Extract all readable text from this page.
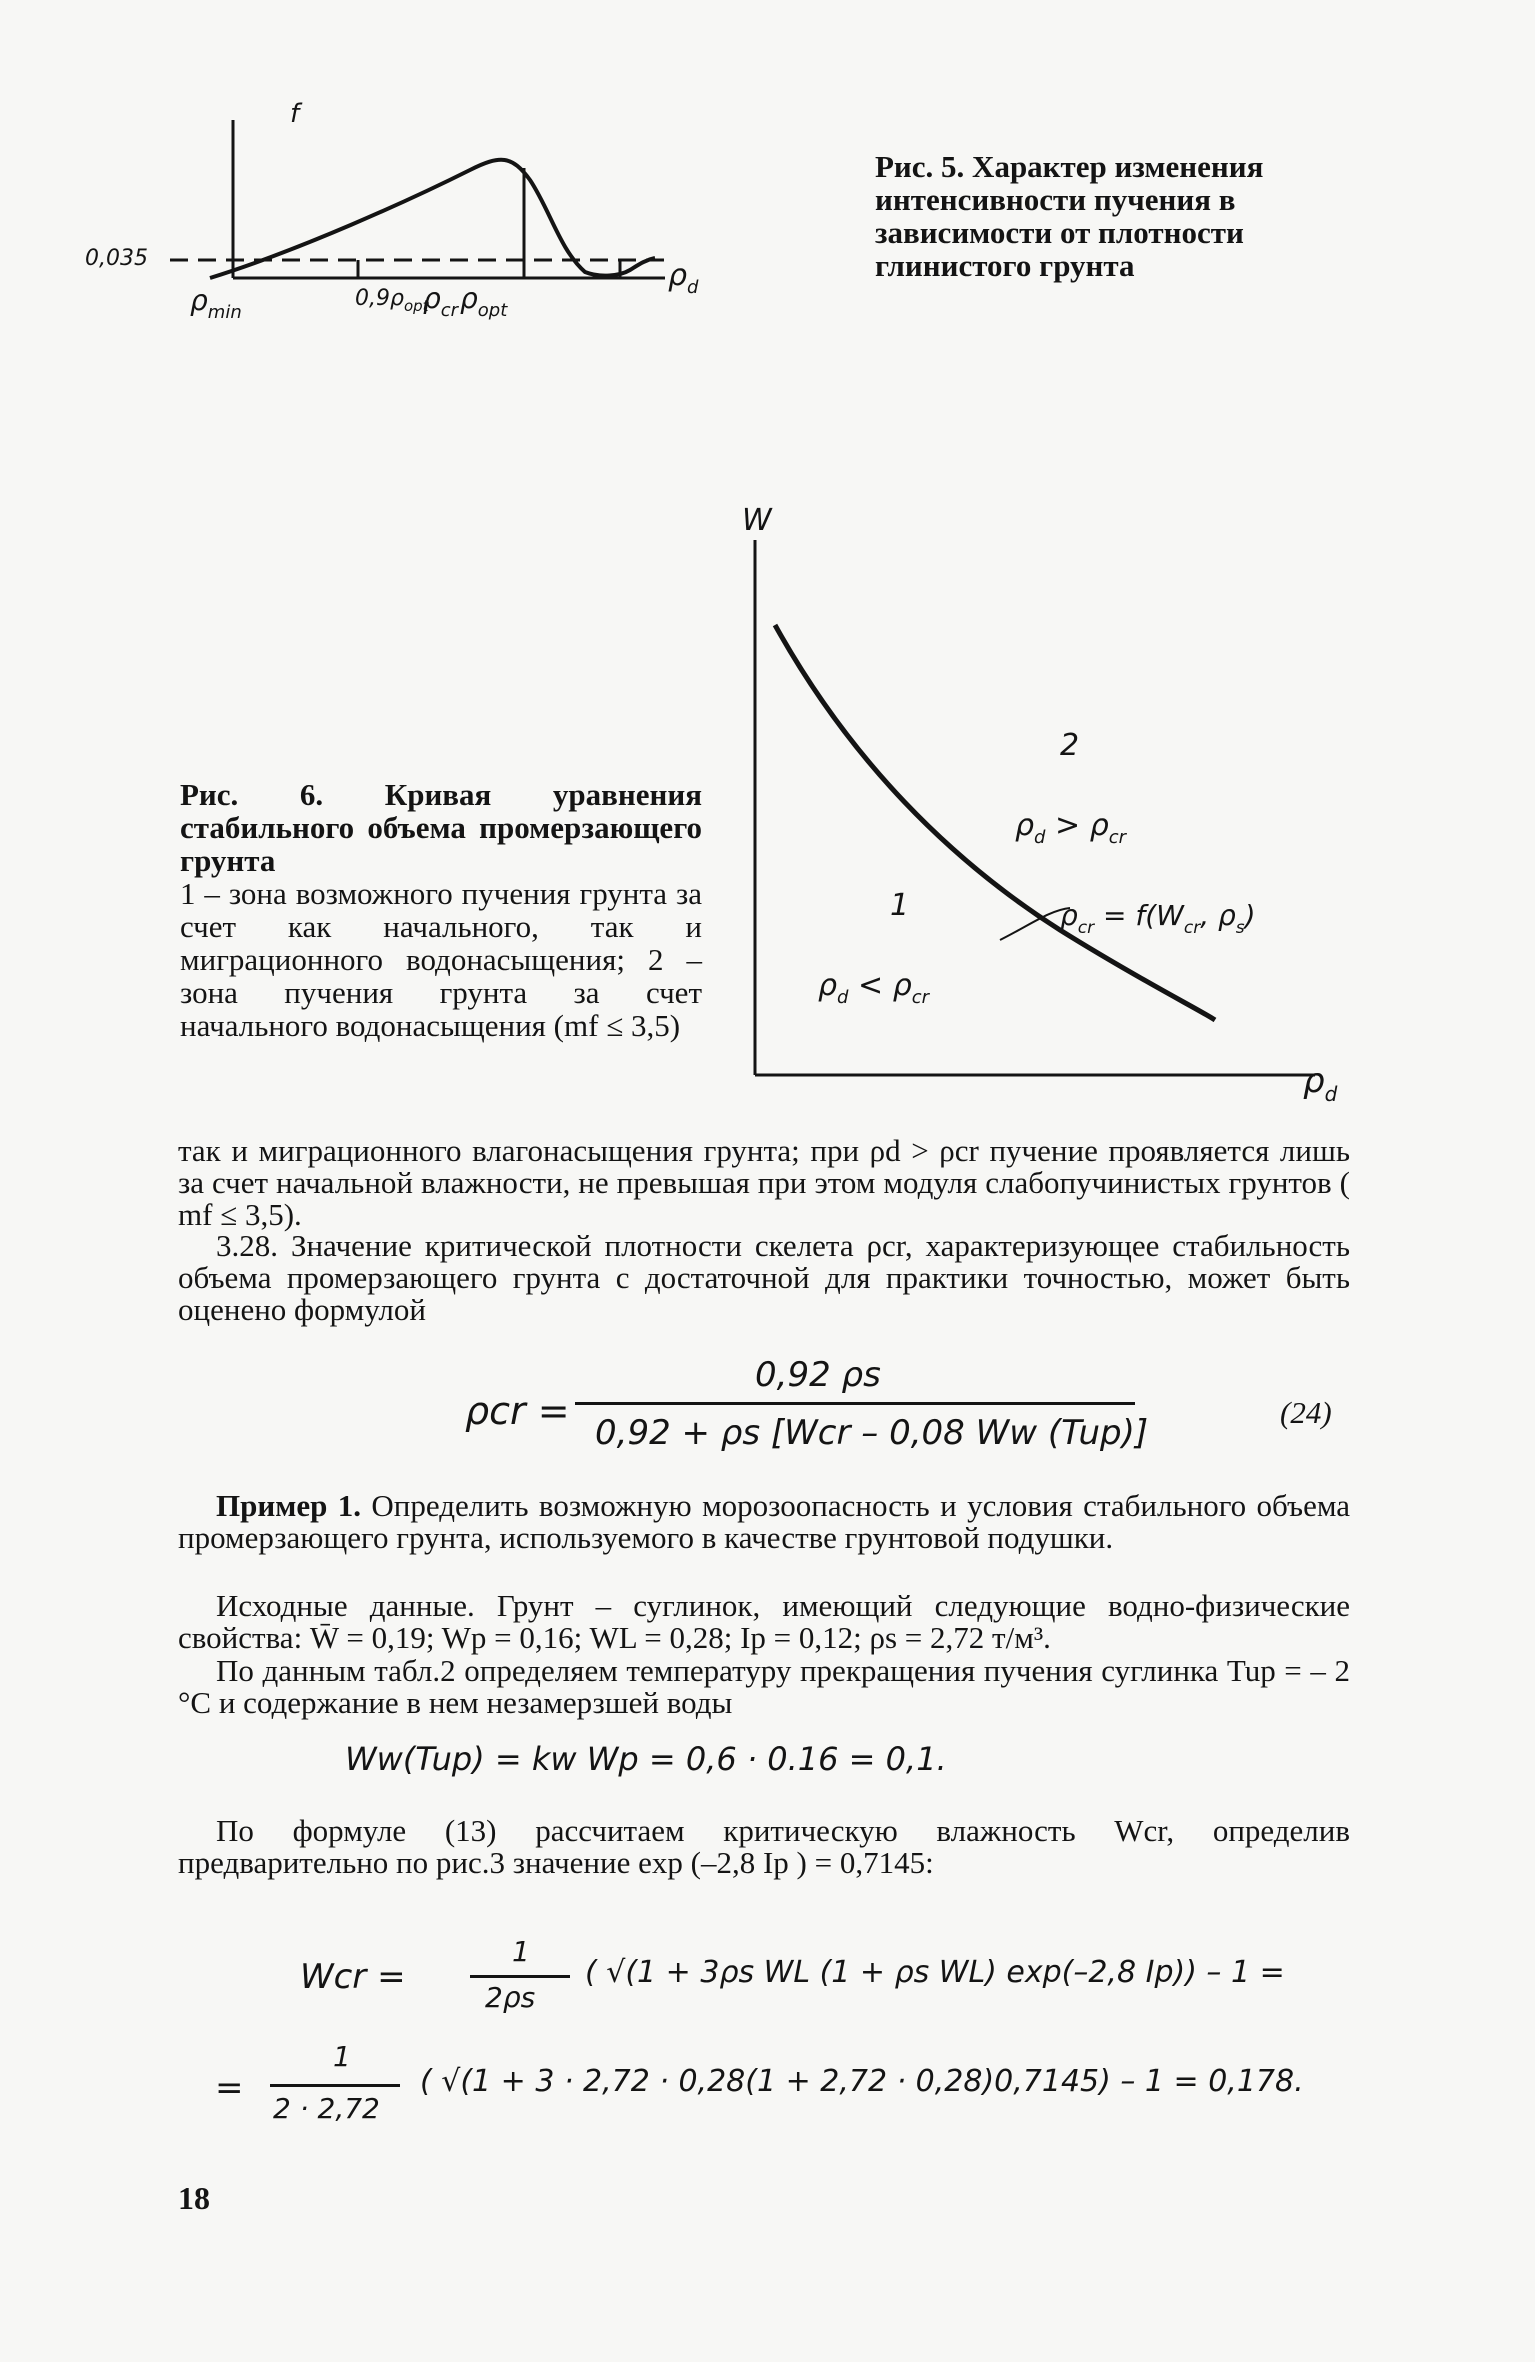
f
0,035	$\rho_d$
$\rho_{min}$
$0,9\rho_{opt}$
$\rho_{cr}$ $\rho_{opt}$
Рис. 5. Характер изменения интенсивности пучения в зависимости от плотности глинистого грунта
W
$\rho_d$
2
$\rho_d > \rho_{cr}$
1
$\rho_d < \rho_{cr}$
$\rho_{cr} = f(W_{cr}$, $\rho_s$)
Рис. 6. Кривая уравнения стабильного объема промерзающего грунта
1 – зона возможного пучения грунта за счет как начального, так и миграционного водонасыщения; 2 – зона пучения грунта за счет начального водонасыщения (mf ≤ 3,5)
так и миграционного влагонасыщения грунта; при ρd > ρcr пучение проявляется лишь за счет начальной влажности, не превышая при этом модуля слабопучинистых грунтов ( mf ≤ 3,5).
3.28. Значение критической плотности скелета ρcr, характеризующее стабильность объема промерзающего грунта с достаточной для практики точностью, может быть оценено формулой
ρcr =
0,92 ρs
0,92 + ρs [Wcr – 0,08 Ww (Tup)]
(24)
Пример 1. Определить возможную морозоопасность и условия стабильного объема промерзающего грунта, используемого в качестве грунтовой подушки.
Исходные данные. Грунт – суглинок, имеющий следующие водно-физические свойства: W̄ = 0,19; Wp = 0,16; WL = 0,28; Ip = 0,12; ρs = 2,72 т/м³.
По данным табл.2 определяем температуру прекращения пучения суглинка Tup = – 2 °С и содержание в нем незамерзшей воды
Ww(Tup) = kw Wp = 0,6 · 0.16 = 0,1.
По формуле (13) рассчитаем критическую влажность Wcr, определив предварительно по рис.3 значение exp (–2,8 Ip ) = 0,7145:
Wcr =
1
2ρs
( √(1 + 3ρs WL (1 + ρs WL) exp(–2,8 Ip)) – 1 =
=
1
2 · 2,72
( √(1 + 3 · 2,72 · 0,28(1 + 2,72 · 0,28)0,7145) – 1 = 0,178.
18
